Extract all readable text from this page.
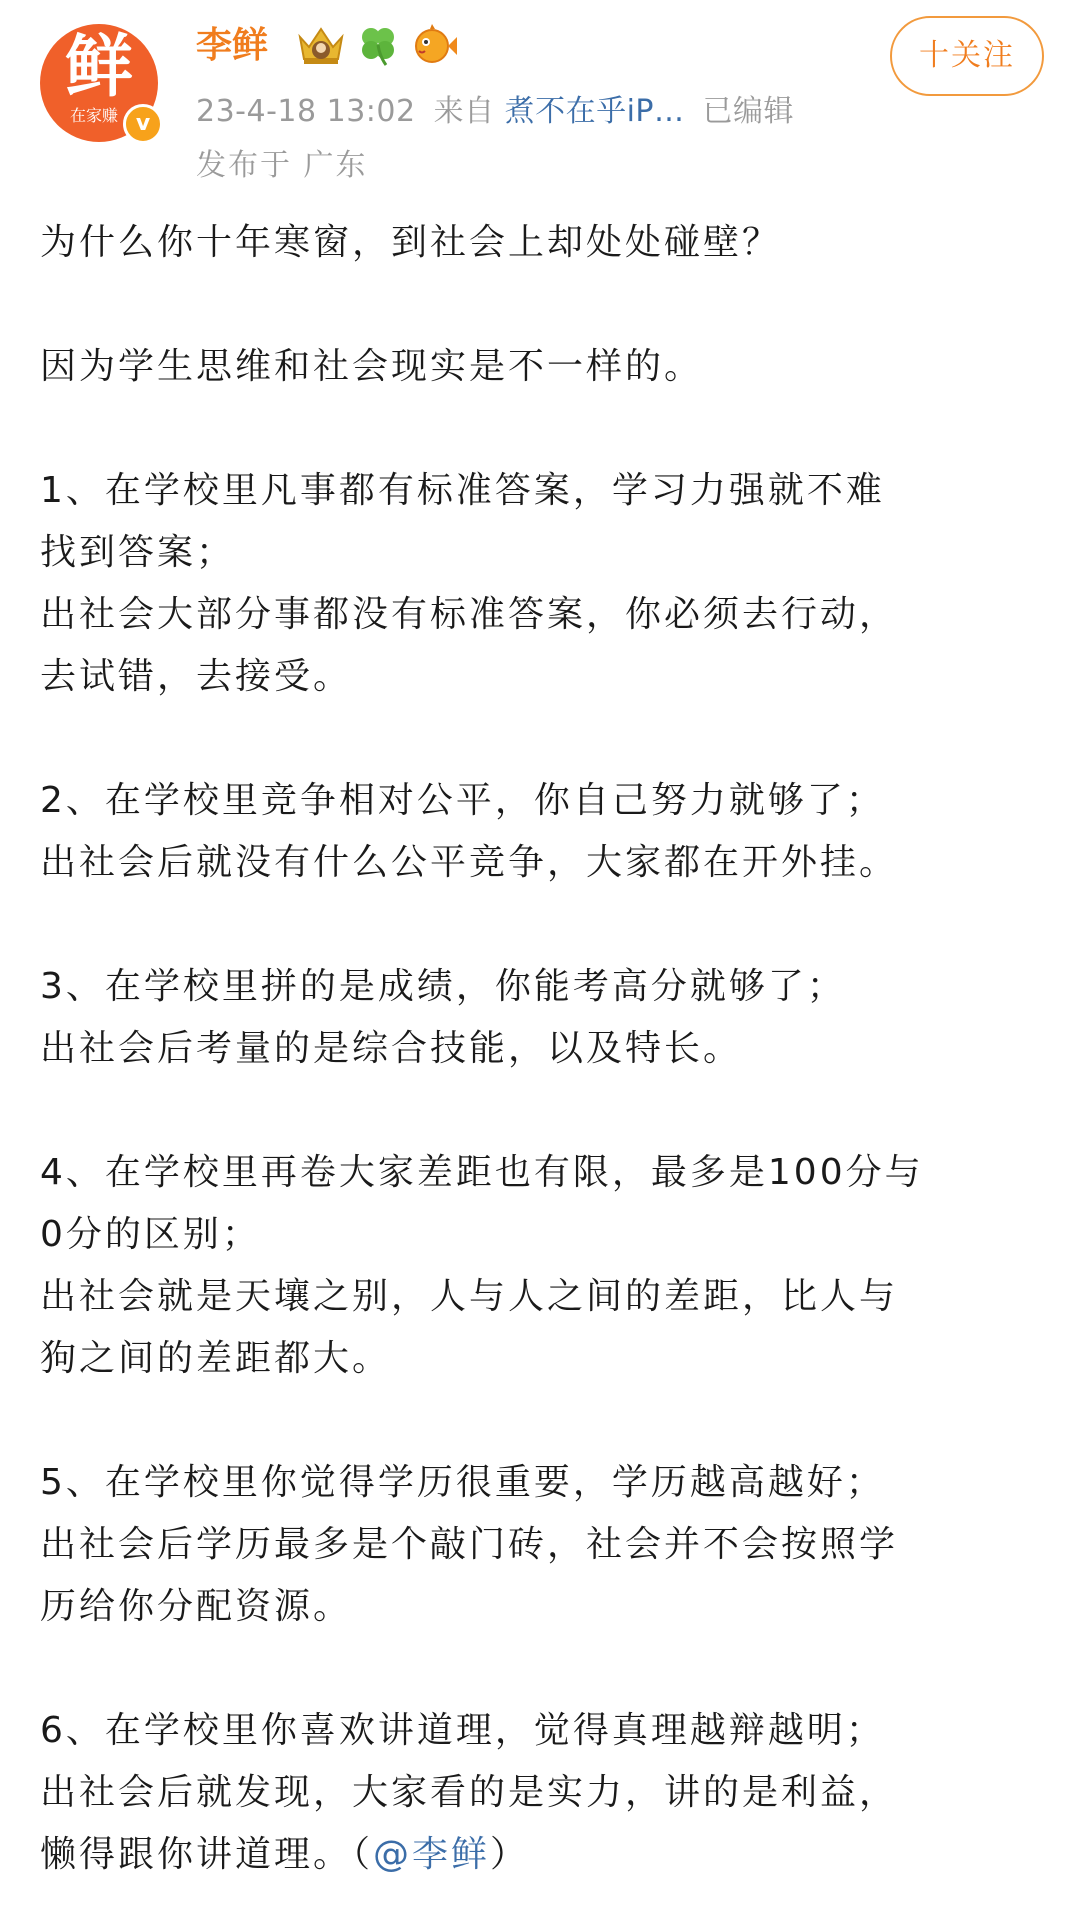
鲜
在家赚 v
李鲜
23-4-18 13:02 来自 煮不在乎iP… 已编辑
发布于 广东
十关注
为什么你十年寒窗，到社会上却处处碰壁？
因为学生思维和社会现实是不一样的。
1、在学校里凡事都有标准答案，学习力强就不难
找到答案；
出社会大部分事都没有标准答案，你必须去行动，
去试错，去接受。
2、在学校里竞争相对公平，你自己努力就够了；
出社会后就没有什么公平竞争，大家都在开外挂。
3、在学校里拼的是成绩，你能考高分就够了；
出社会后考量的是综合技能，以及特长。
4、在学校里再卷大家差距也有限，最多是100分与
0分的区别；
出社会就是天壤之别，人与人之间的差距，比人与
狗之间的差距都大。
5、在学校里你觉得学历很重要，学历越高越好；
出社会后学历最多是个敲门砖，社会并不会按照学
历给你分配资源。
6、在学校里你喜欢讲道理，觉得真理越辩越明；
出社会后就发现，大家看的是实力，讲的是利益，
懒得跟你讲道理。（@李鲜）
